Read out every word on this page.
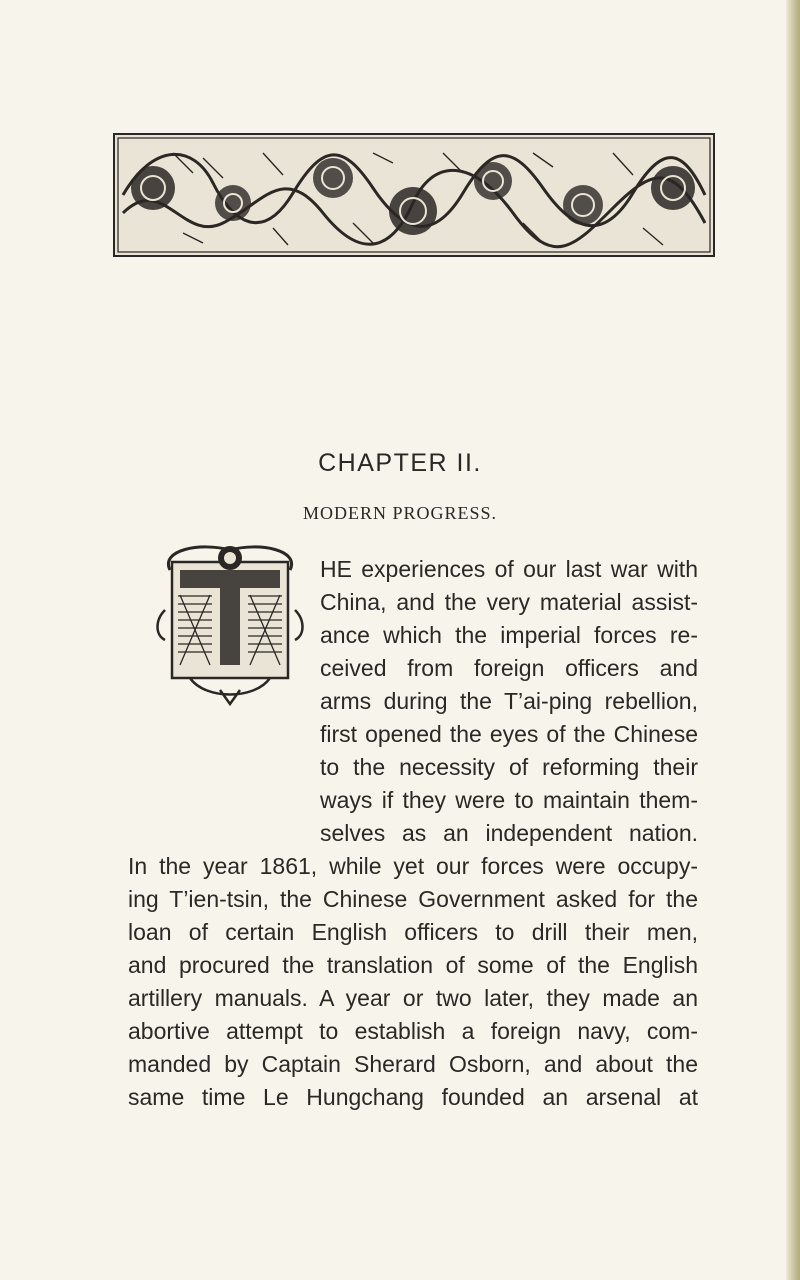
CHAPTER II.
MODERN PROGRESS.
HE experiences of our last war with
China, and the very material assist-
ance which the imperial forces re-
ceived from foreign officers and
arms during the T’ai-ping rebellion,
first opened the eyes of the Chinese
to the necessity of reforming their
ways if they were to maintain them-
selves as an independent nation.
In the year 1861, while yet our forces were occupy-
ing T’ien-tsin, the Chinese Government asked for the
loan of certain English officers to drill their men,
and procured the translation of some of the English
artillery manuals. A year or two later, they made an
abortive attempt to establish a foreign navy, com-
manded by Captain Sherard Osborn, and about the
same time Le Hungchang founded an arsenal at
